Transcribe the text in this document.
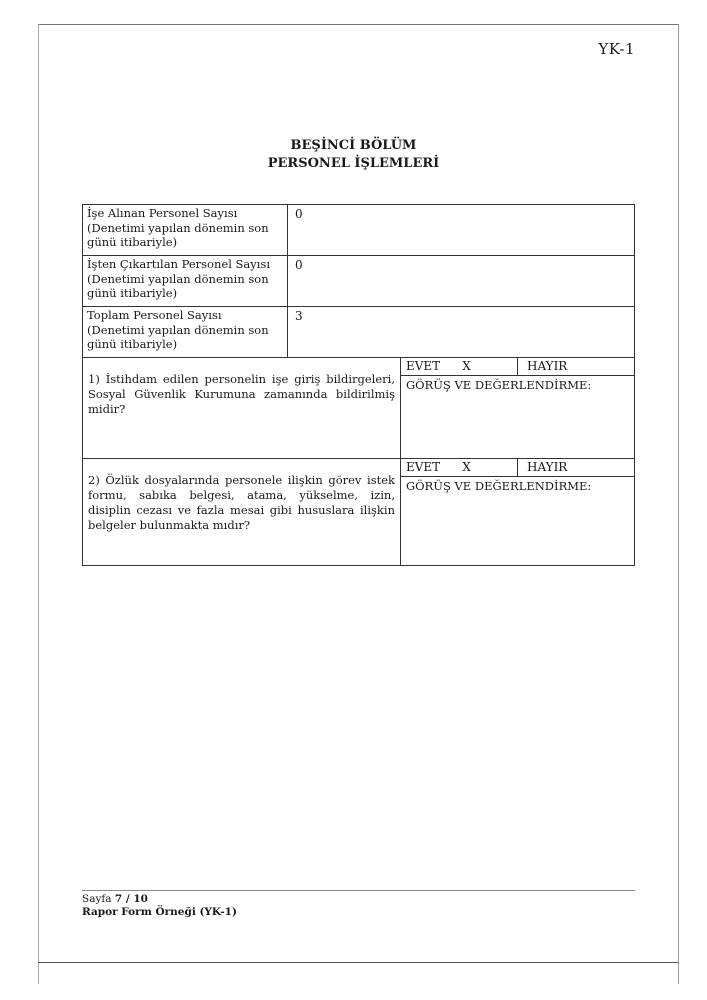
YK-1
BEŞİNCİ BÖLÜM
PERSONEL İŞLEMLERİ
İşe Alınan Personel Sayısı
(Denetimi yapılan dönemin son
günü itibariyle)
0
İşten Çıkartılan Personel Sayısı
(Denetimi yapılan dönemin son
günü itibariyle)
0
Toplam Personel Sayısı
(Denetimi yapılan dönemin son
günü itibariyle)
3
1) İstihdam edilen personelin işe giriş bildirgeleri, Sosyal Güvenlik Kurumuna zamanında bildirilmiş midir?
EVET X	HAYIR
GÖRÜŞ VE DEĞERLENDİRME:
2) Özlük dosyalarında personele ilişkin görev istek formu, sabıka belgesi, atama, yükselme, izin, disiplin cezası ve fazla mesai gibi hususlara ilişkin belgeler bulunmakta mıdır?
EVET X	HAYIR
GÖRÜŞ VE DEĞERLENDİRME:
Sayfa 7 / 10
Rapor Form Örneği (YK-1)
